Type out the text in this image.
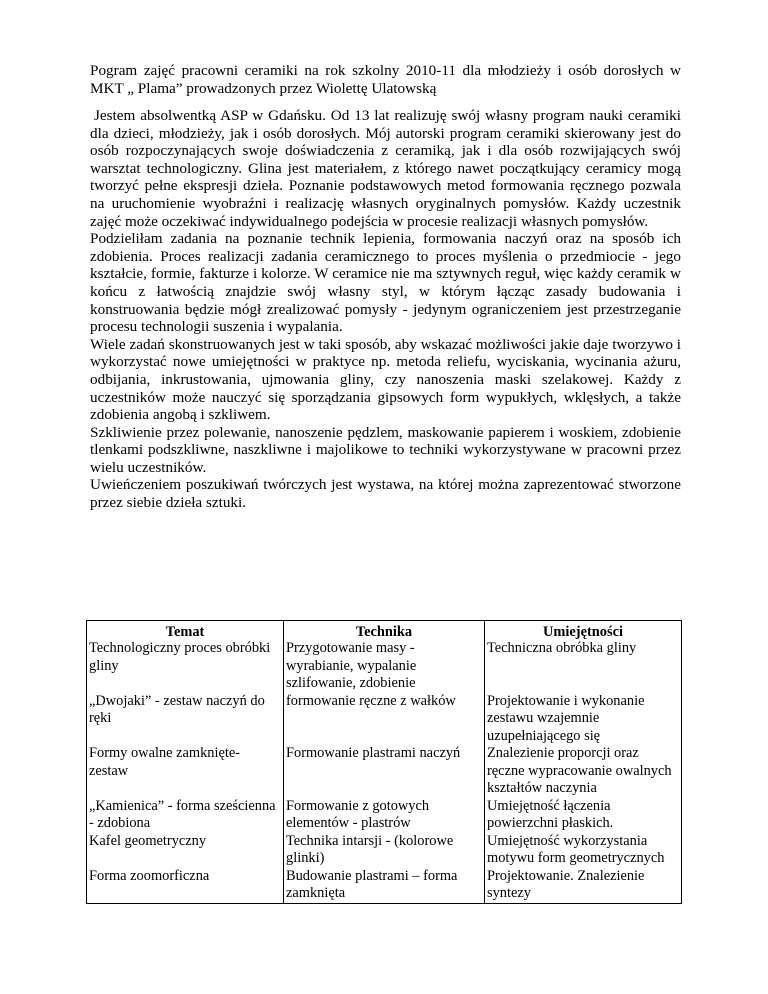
Pogram zajęć pracowni ceramiki na rok szkolny 2010-11 dla młodzieży i osób dorosłych w MKT „ Plama” prowadzonych przez Wiolettę Ulatowską

Jestem absolwentką ASP w Gdańsku. Od 13 lat realizuję swój własny program nauki ceramiki dla dzieci, młodzieży, jak i osób dorosłych. Mój autorski program ceramiki skierowany jest do osób rozpoczynających swoje doświadczenia z ceramiką, jak i dla osób rozwijających swój warsztat technologiczny. Glina jest materiałem, z którego nawet początkujący ceramicy mogą tworzyć pełne ekspresji dzieła. Poznanie podstawowych metod formowania ręcznego pozwala na uruchomienie wyobraźni i realizację własnych oryginalnych pomysłów. Każdy uczestnik zajęć może oczekiwać indywidualnego podejścia w procesie realizacji własnych pomysłów.

Podzieliłam zadania na poznanie technik lepienia, formowania naczyń oraz na sposób ich zdobienia. Proces realizacji zadania ceramicznego to proces myślenia o przedmiocie - jego kształcie, formie, fakturze i kolorze. W ceramice nie ma sztywnych reguł, więc każdy ceramik w końcu z łatwością znajdzie swój własny styl, w którym łącząc zasady budowania i konstruowania będzie mógł zrealizować pomysły - jedynym ograniczeniem jest przestrzeganie procesu technologii suszenia i wypalania.

Wiele zadań skonstruowanych jest w taki sposób, aby wskazać możliwości jakie daje tworzywo i wykorzystać nowe umiejętności w praktyce np. metoda reliefu, wyciskania, wycinania ażuru, odbijania, inkrustowania, ujmowania gliny, czy nanoszenia maski szelakowej. Każdy z uczestników może nauczyć się sporządzania gipsowych form wypukłych, wklęsłych, a także zdobienia angobą i szkliwem.

Szkliwienie przez polewanie, nanoszenie pędzlem, maskowanie papierem i woskiem, zdobienie tlenkami podszkliwne, naszkliwne i majolikowe to techniki wykorzystywane w pracowni przez wielu uczestników.

Uwieńczeniem poszukiwań twórczych jest wystawa, na której można zaprezentować stworzone przez siebie dzieła sztuki.

Temat	Technika	Umiejętności
Technologiczny proces obróbki gliny	Przygotowanie masy - wyrabianie, wypalanie szlifowanie, zdobienie	Techniczna obróbka gliny
„Dwojaki” - zestaw naczyń do ręki	formowanie ręczne z wałków	Projektowanie i wykonanie zestawu wzajemnie uzupełniającego się
Formy owalne zamknięte- zestaw	Formowanie plastrami naczyń	Znalezienie proporcji oraz ręczne wypracowanie owalnych kształtów naczynia
„Kamienica” - forma sześcienna - zdobiona	Formowanie z gotowych elementów - plastrów	Umiejętność łączenia powierzchni płaskich.
Kafel geometryczny	Technika intarsji - (kolorowe glinki)	Umiejętność wykorzystania motywu form geometrycznych
Forma zoomorficzna	Budowanie plastrami – forma zamknięta	Projektowanie. Znalezienie syntezy
